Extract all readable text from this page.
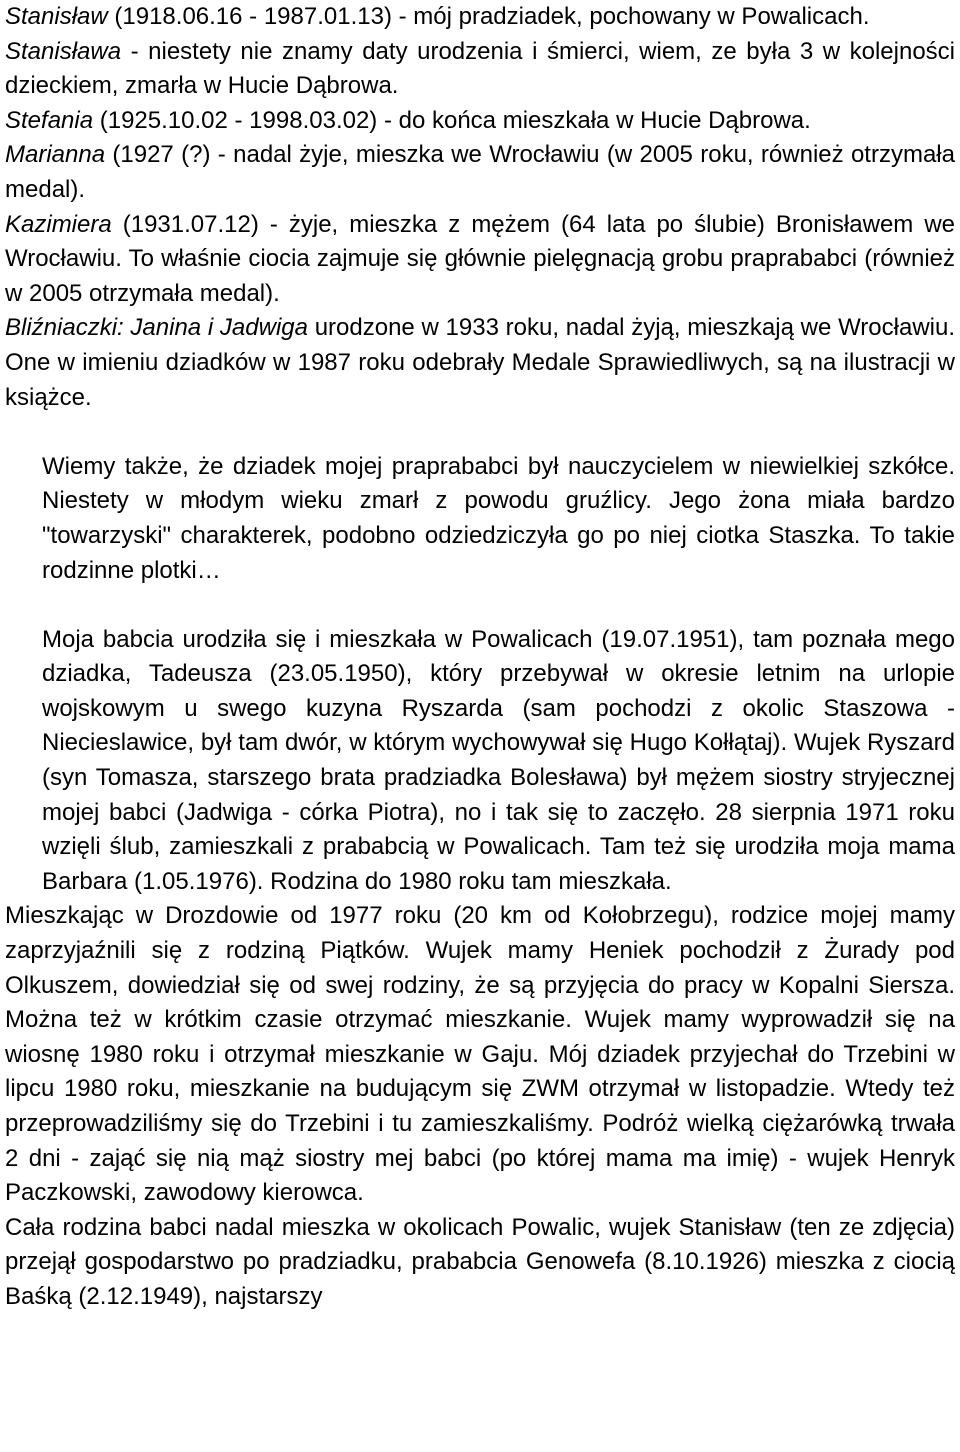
Stanisław (1918.06.16 - 1987.01.13) - mój pradziadek, pochowany w Powalicach.
Stanisława - niestety nie znamy daty urodzenia i śmierci, wiem, ze była 3 w kolejności dzieckiem, zmarła w Hucie Dąbrowa.
Stefania (1925.10.02 - 1998.03.02) - do końca mieszkała w Hucie Dąbrowa.
Marianna (1927 (?) - nadal żyje, mieszka we Wrocławiu (w 2005 roku, również otrzymała medal).
Kazimiera (1931.07.12) - żyje, mieszka z mężem (64 lata po ślubie) Bronisławem we Wrocławiu. To właśnie ciocia zajmuje się głównie pielęgnacją grobu praprababci (również w 2005 otrzymała medal).
Bliźniaczki: Janina i Jadwiga urodzone w 1933 roku, nadal żyją, mieszkają we Wrocławiu. One w imieniu dziadków w 1987 roku odebrały Medale Sprawiedliwych, są na ilustracji w książce.

Wiemy także, że dziadek mojej praprababci był nauczycielem w niewielkiej szkółce. Niestety w młodym wieku zmarł z powodu gruźlicy. Jego żona miała bardzo "towarzyski" charakterek, podobno odziedziczyła go po niej ciotka Staszka. To takie rodzinne plotki…

Moja babcia urodziła się i mieszkała w Powalicach (19.07.1951), tam poznała mego dziadka, Tadeusza (23.05.1950), który przebywał w okresie letnim na urlopie wojskowym u swego kuzyna Ryszarda (sam pochodzi z okolic Staszowa - Niecieslawice, był tam dwór, w którym wychowywał się Hugo Kołłątaj). Wujek Ryszard (syn Tomasza, starszego brata pradziadka Bolesława) był mężem siostry stryjecznej mojej babci (Jadwiga - córka Piotra), no i tak się to zaczęło. 28 sierpnia 1971 roku wzięli ślub, zamieszkali z prababcią w Powalicach. Tam też się urodziła moja mama Barbara (1.05.1976). Rodzina do 1980 roku tam mieszkała.

Mieszkając w Drozdowie od 1977 roku (20 km od Kołobrzegu), rodzice mojej mamy zaprzyjaźnili się z rodziną Piątków. Wujek mamy Heniek pochodził z Żurady pod Olkuszem, dowiedział się od swej rodziny, że są przyjęcia do pracy w Kopalni Siersza. Można też w krótkim czasie otrzymać mieszkanie. Wujek mamy wyprowadził się na wiosnę 1980 roku i otrzymał mieszkanie w Gaju. Mój dziadek przyjechał do Trzebini w lipcu 1980 roku, mieszkanie na budującym się ZWM otrzymał w listopadzie. Wtedy też przeprowadziliśmy się do Trzebini i tu zamieszkaliśmy. Podróż wielką ciężarówką trwała 2 dni - zająć się nią mąż siostry mej babci (po której mama ma imię) - wujek Henryk Paczkowski, zawodowy kierowca.

Cała rodzina babci nadal mieszka w okolicach Powalic, wujek Stanisław (ten ze zdjęcia) przejął gospodarstwo po pradziadku, prababcia Genowefa (8.10.1926) mieszka z ciocią Baśką (2.12.1949), najstarszy
